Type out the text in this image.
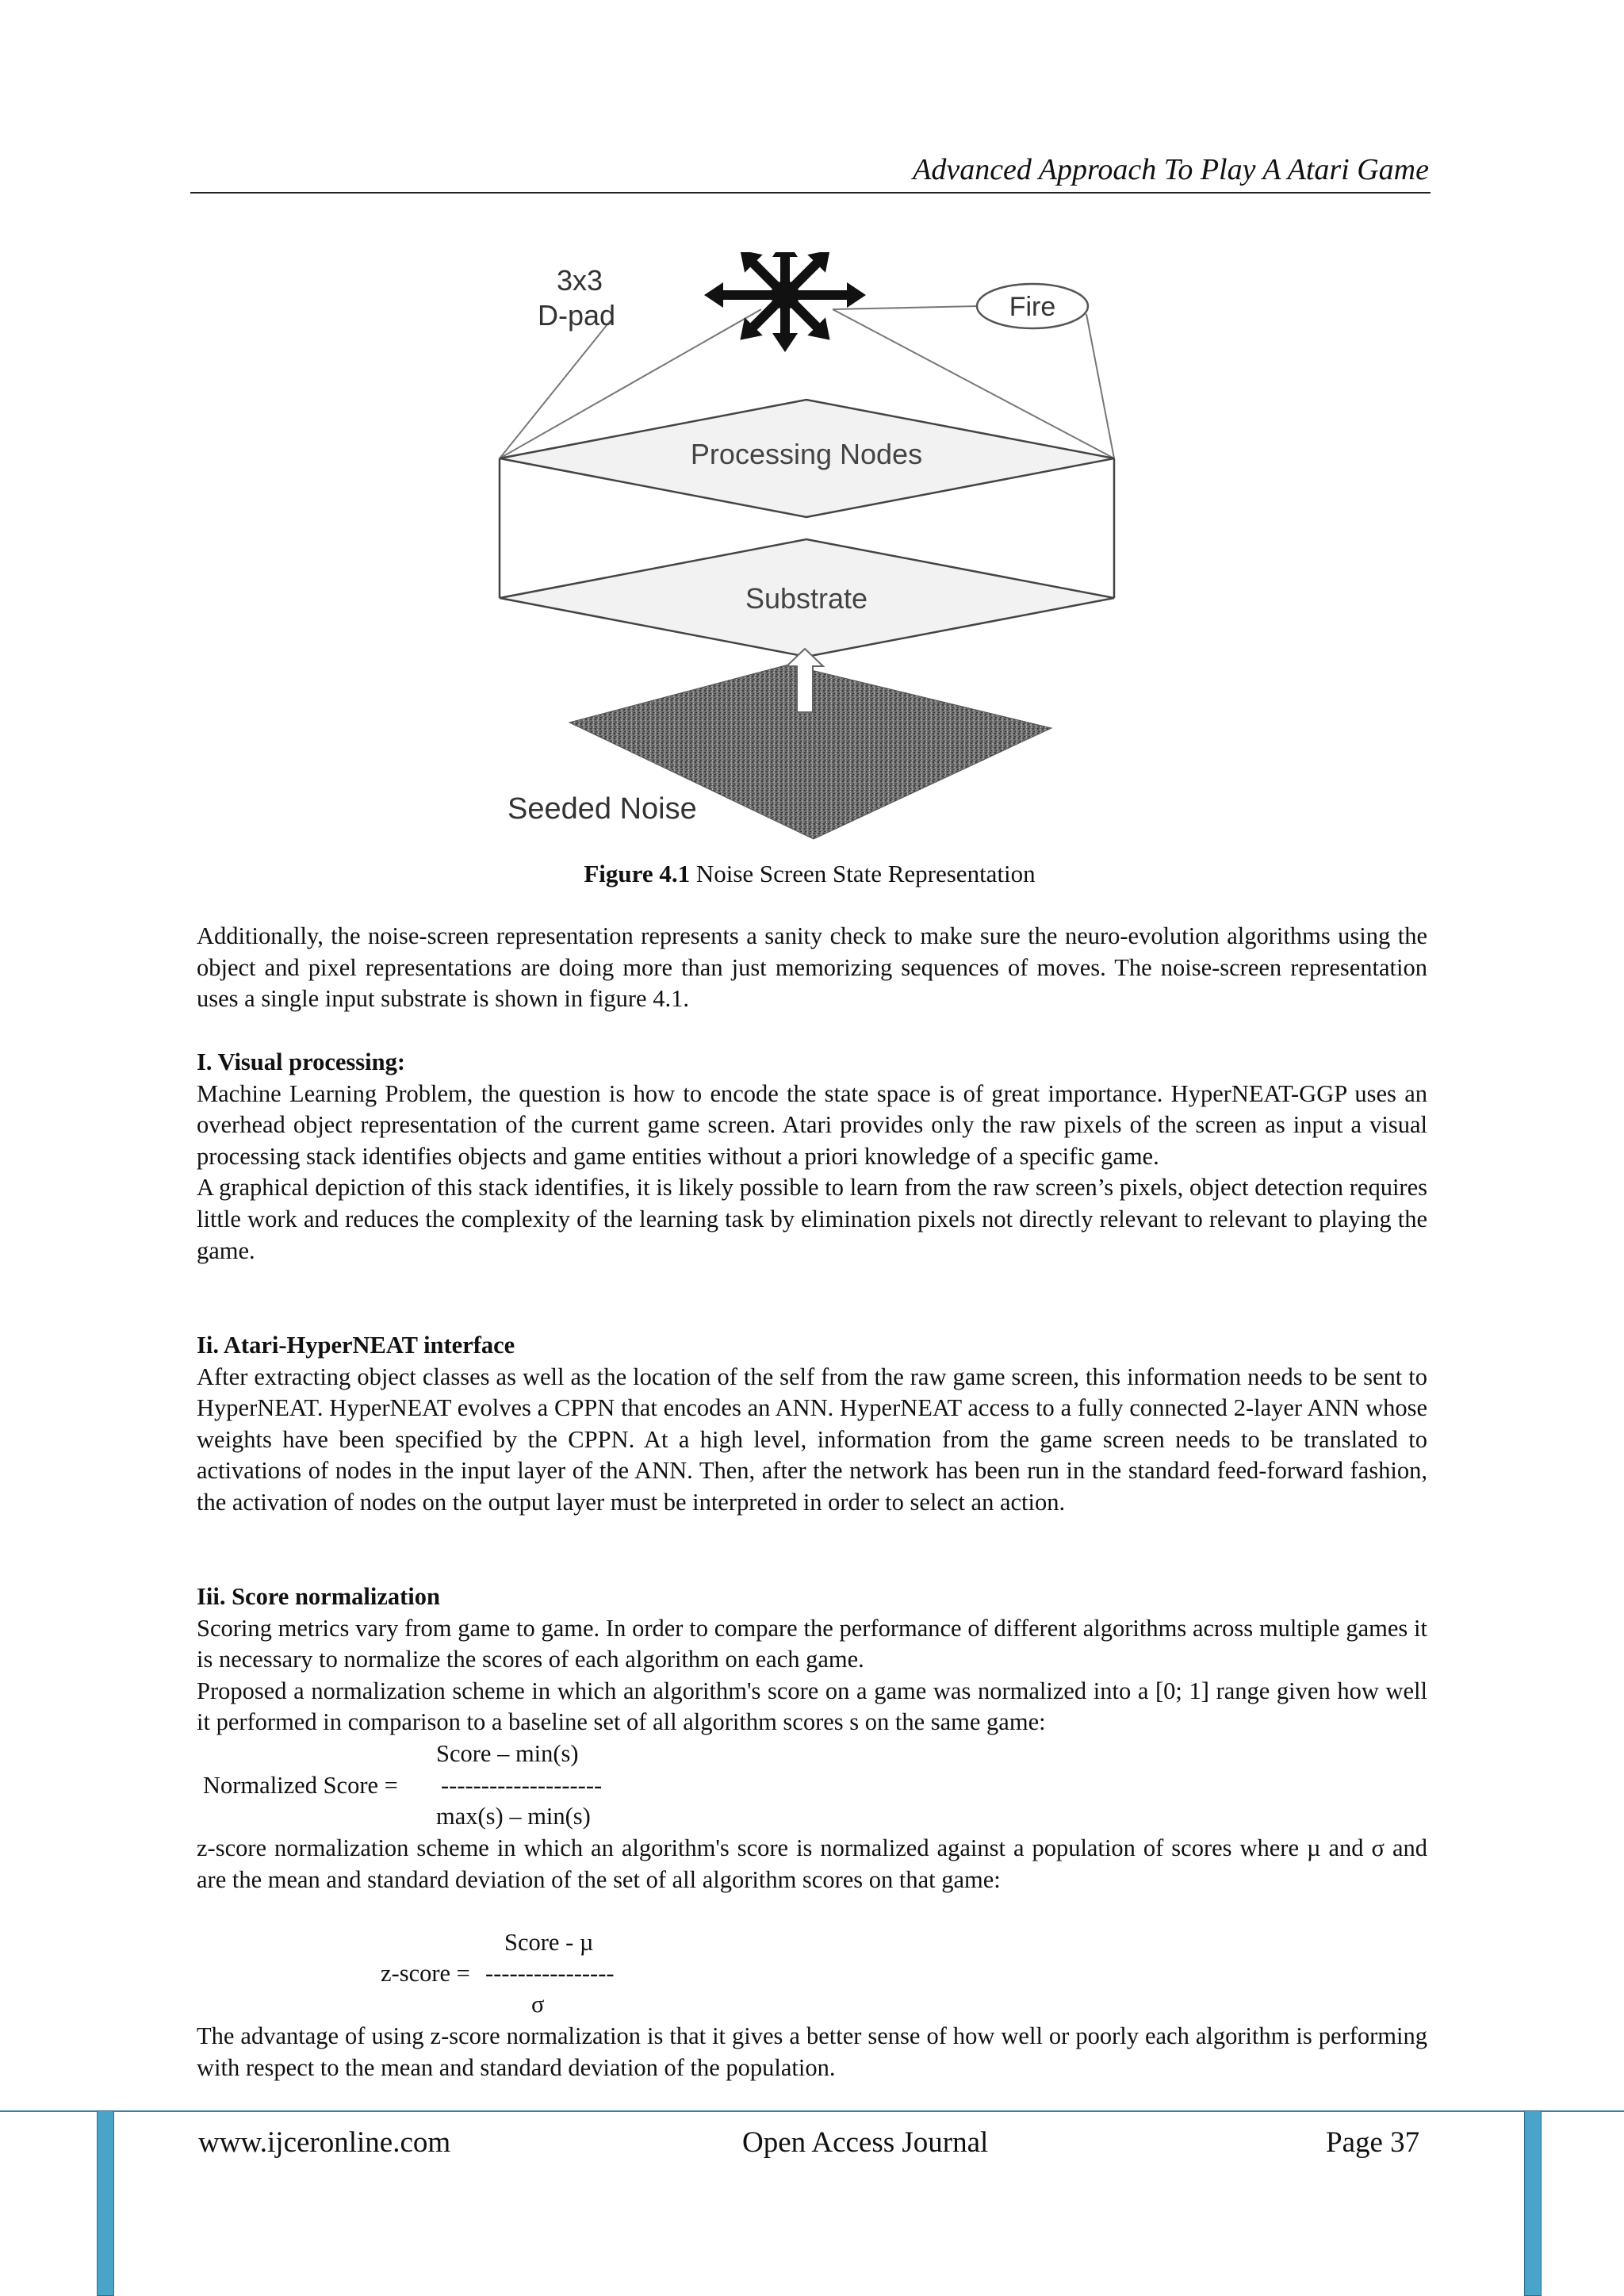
Advanced Approach To Play A Atari Game
3x3
D-pad	Fire
Substrate
Processing Nodes
Seeded Noise
Figure 4.1 Noise Screen State Representation

Additionally, the noise-screen representation represents a sanity check to make sure the neuro-evolution algorithms using the object and pixel representations are doing more than just memorizing sequences of moves. The noise-screen representation uses a single input substrate is shown in figure 4.1.

I. Visual processing:

Machine Learning Problem, the question is how to encode the state space is of great importance. HyperNEAT-GGP uses an overhead object representation of the current game screen. Atari provides only the raw pixels of the screen as input a visual processing stack identifies objects and game entities without a priori knowledge of a specific game.

A graphical depiction of this stack identifies, it is likely possible to learn from the raw screen’s pixels, object detection requires little work and reduces the complexity of the learning task by elimination pixels not directly relevant to relevant to playing the game.

Ii. Atari-HyperNEAT interface

After extracting object classes as well as the location of the self from the raw game screen, this information needs to be sent to HyperNEAT. HyperNEAT evolves a CPPN that encodes an ANN. HyperNEAT access to a fully connected 2-layer ANN whose weights have been specified by the CPPN. At a high level, information from the game screen needs to be translated to activations of nodes in the input layer of the ANN. Then, after the network has been run in the standard feed-forward fashion, the activation of nodes on the output layer must be interpreted in order to select an action.

Iii. Score normalization

Scoring metrics vary from game to game. In order to compare the performance of different algorithms across multiple games it is necessary to normalize the scores of each algorithm on each game.

Proposed a normalization scheme in which an algorithm's score on a game was normalized into a [0; 1] range given how well it performed in comparison to a baseline set of all algorithm scores s on the same game:

Score – min(s)
Normalized Score = --------------------
max(s) – min(s)

z-score normalization scheme in which an algorithm's score is normalized against a population of scores where µ and σ and are the mean and standard deviation of the set of all algorithm scores on that game:

Score - µ
z-score = ----------------
σ

The advantage of using z-score normalization is that it gives a better sense of how well or poorly each algorithm is performing with respect to the mean and standard deviation of the population.

www.ijceronline.com	Open Access Journal	Page 37
